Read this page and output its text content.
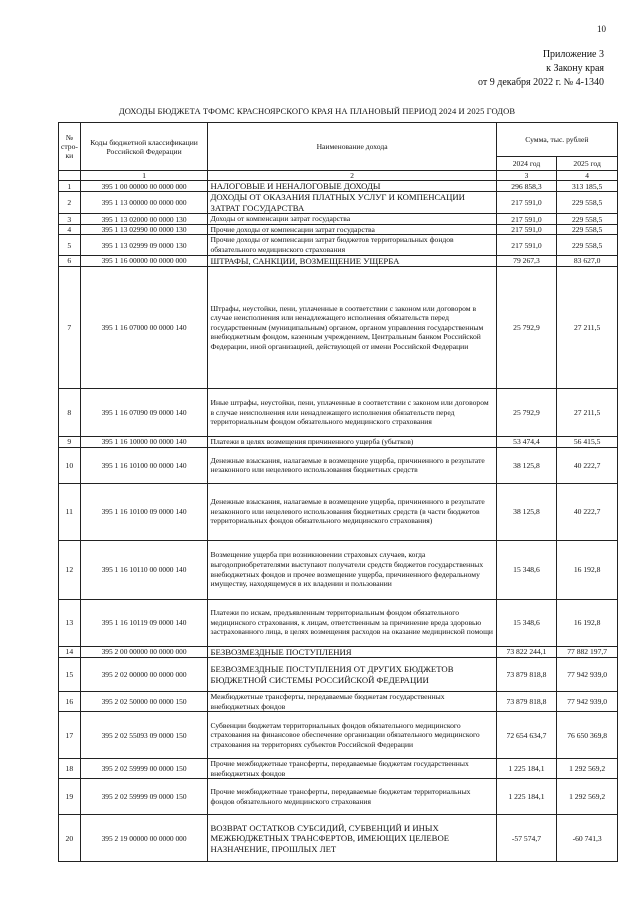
10
Приложение 3
к Закону края
от 9 декабря 2022 г. № 4-1340
ДОХОДЫ БЮДЖЕТА ТФОМС КРАСНОЯРСКОГО КРАЯ НА ПЛАНОВЫЙ ПЕРИОД 2024 И 2025 ГОДОВ
№ стро- ки	Коды бюджетной классификации Российской Федерации	Наименование дохода	Сумма, тыс. рублей	
			2024 год	2025 год
	1	2	3	4
1	395 1 00 00000 00 0000 000	НАЛОГОВЫЕ И НЕНАЛОГОВЫЕ ДОХОДЫ	296 858,3	313 185,5
2	395 1 13 00000 00 0000 000	ДОХОДЫ ОТ ОКАЗАНИЯ ПЛАТНЫХ УСЛУГ И КОМПЕНСАЦИИ ЗАТРАТ ГОСУДАРСТВА	217 591,0	229 558,5
3	395 1 13 02000 00 0000 130	Доходы от компенсации затрат государства	217 591,0	229 558,5
4	395 1 13 02990 00 0000 130	Прочие доходы от компенсации затрат государства	217 591,0	229 558,5
5	395 1 13 02999 09 0000 130	Прочие доходы от компенсации затрат бюджетов территориальных фондов обязательного медицинского страхования	217 591,0	229 558,5
6	395 1 16 00000 00 0000 000	ШТРАФЫ, САНКЦИИ, ВОЗМЕЩЕНИЕ УЩЕРБА	79 267,3	83 627,0
7	395 1 16 07000 00 0000 140	Штрафы, неустойки, пени, уплаченные в соответствии с законом или договором в случае неисполнения или ненадлежащего исполнения обязательств перед государственным (муниципальным) органом, органом управления государственным внебюджетным фондом, казенным учреждением, Центральным банком Российской Федерации, иной организацией, действующей от имени Российской Федерации	25 792,9	27 211,5
8	395 1 16 07090 09 0000 140	Иные штрафы, неустойки, пени, уплаченные в соответствии с законом или договором в случае неисполнения или ненадлежащего исполнения обязательств перед территориальным фондом обязательного медицинского страхования	25 792,9	27 211,5
9	395 1 16 10000 00 0000 140	Платежи в целях возмещения причиненного ущерба (убытков)	53 474,4	56 415,5
10	395 1 16 10100 00 0000 140	Денежные взыскания, налагаемые в возмещение ущерба, причиненного в результате незаконного или нецелевого использования бюджетных средств	38 125,8	40 222,7
11	395 1 16 10100 09 0000 140	Денежные взыскания, налагаемые в возмещение ущерба, причиненного в результате незаконного или нецелевого использования бюджетных средств (в части бюджетов территориальных фондов обязательного медицинского страхования)	38 125,8	40 222,7
12	395 1 16 10110 00 0000 140	Возмещение ущерба при возникновении страховых случаев, когда выгодоприобретателями выступают получатели средств бюджетов государственных внебюджетных фондов и прочее возмещение ущерба, причиненного федеральному имуществу, находящемуся в их владении и пользовании	15 348,6	16 192,8
13	395 1 16 10119 09 0000 140	Платежи по искам, предъявленным территориальным фондом обязательного медицинского страхования, к лицам, ответственным за причинение вреда здоровью застрахованного лица, в целях возмещения расходов на оказание медицинской помощи	15 348,6	16 192,8
14	395 2 00 00000 00 0000 000	БЕЗВОЗМЕЗДНЫЕ ПОСТУПЛЕНИЯ	73 822 244,1	77 882 197,7
15	395 2 02 00000 00 0000 000	БЕЗВОЗМЕЗДНЫЕ ПОСТУПЛЕНИЯ ОТ ДРУГИХ БЮДЖЕТОВ БЮДЖЕТНОЙ СИСТЕМЫ РОССИЙСКОЙ ФЕДЕРАЦИИ	73 879 818,8	77 942 939,0
16	395 2 02 50000 00 0000 150	Межбюджетные трансферты, передаваемые бюджетам государственных внебюджетных фондов	73 879 818,8	77 942 939,0
17	395 2 02 55093 09 0000 150	Субвенции бюджетам территориальных фондов обязательного медицинского страхования на финансовое обеспечение организации обязательного медицинского страхования на территориях субъектов Российской Федерации	72 654 634,7	76 650 369,8
18	395 2 02 59999 00 0000 150	Прочие межбюджетные трансферты, передаваемые бюджетам государственных внебюджетных фондов	1 225 184,1	1 292 569,2
19	395 2 02 59999 09 0000 150	Прочие межбюджетные трансферты, передаваемые бюджетам территориальных фондов обязательного медицинского страхования	1 225 184,1	1 292 569,2
20	395 2 19 00000 00 0000 000	ВОЗВРАТ ОСТАТКОВ СУБСИДИЙ, СУБВЕНЦИЙ И ИНЫХ МЕЖБЮДЖЕТНЫХ ТРАНСФЕРТОВ, ИМЕЮЩИХ ЦЕЛЕВОЕ НАЗНАЧЕНИЕ, ПРОШЛЫХ ЛЕТ	-57 574,7	-60 741,3
